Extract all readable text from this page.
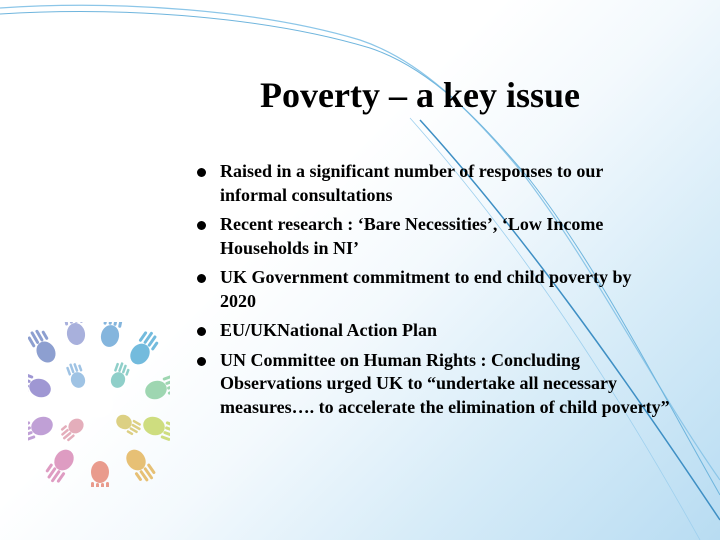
Poverty – a key issue
Raised in a significant number of responses to our informal consultations
Recent research : ‘Bare Necessities’, ‘Low Income Households in NI’
UK Government commitment to end child poverty by 2020
EU/UKNational Action Plan
UN Committee on Human Rights : Concluding Observations urged UK to “undertake all necessary measures…. to accelerate the elimination of child poverty”
